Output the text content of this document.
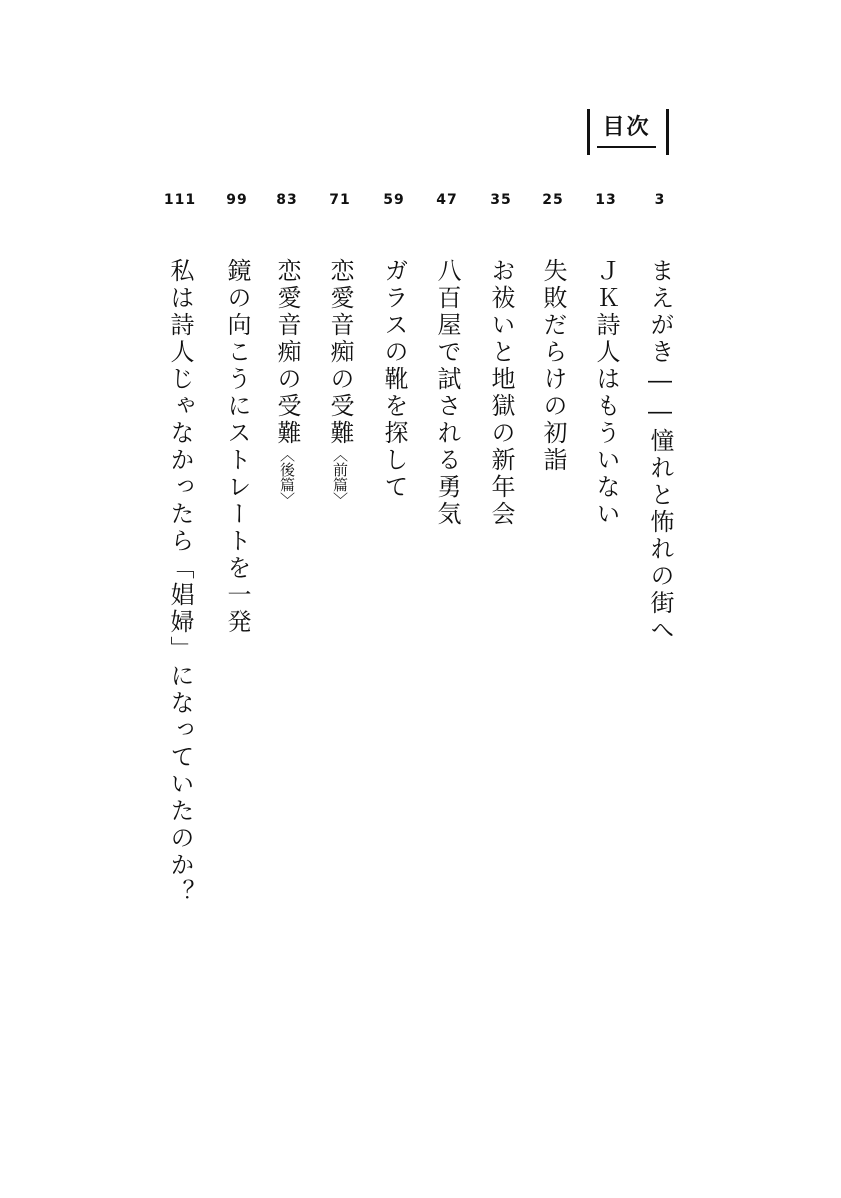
目次
3
まえがき――憧れと怖れの街へ
13
ＪＫ詩人はもういない
25
失敗だらけの初詣
35
お祓いと地獄の新年会
47
八百屋で試される勇気
59
ガラスの靴を探して
71
恋愛音痴の受難〈前篇〉
83
恋愛音痴の受難〈後篇〉
99
鏡の向こうにストレートを一発
111
私は詩人じゃなかったら「娼婦」になっていたのか？
